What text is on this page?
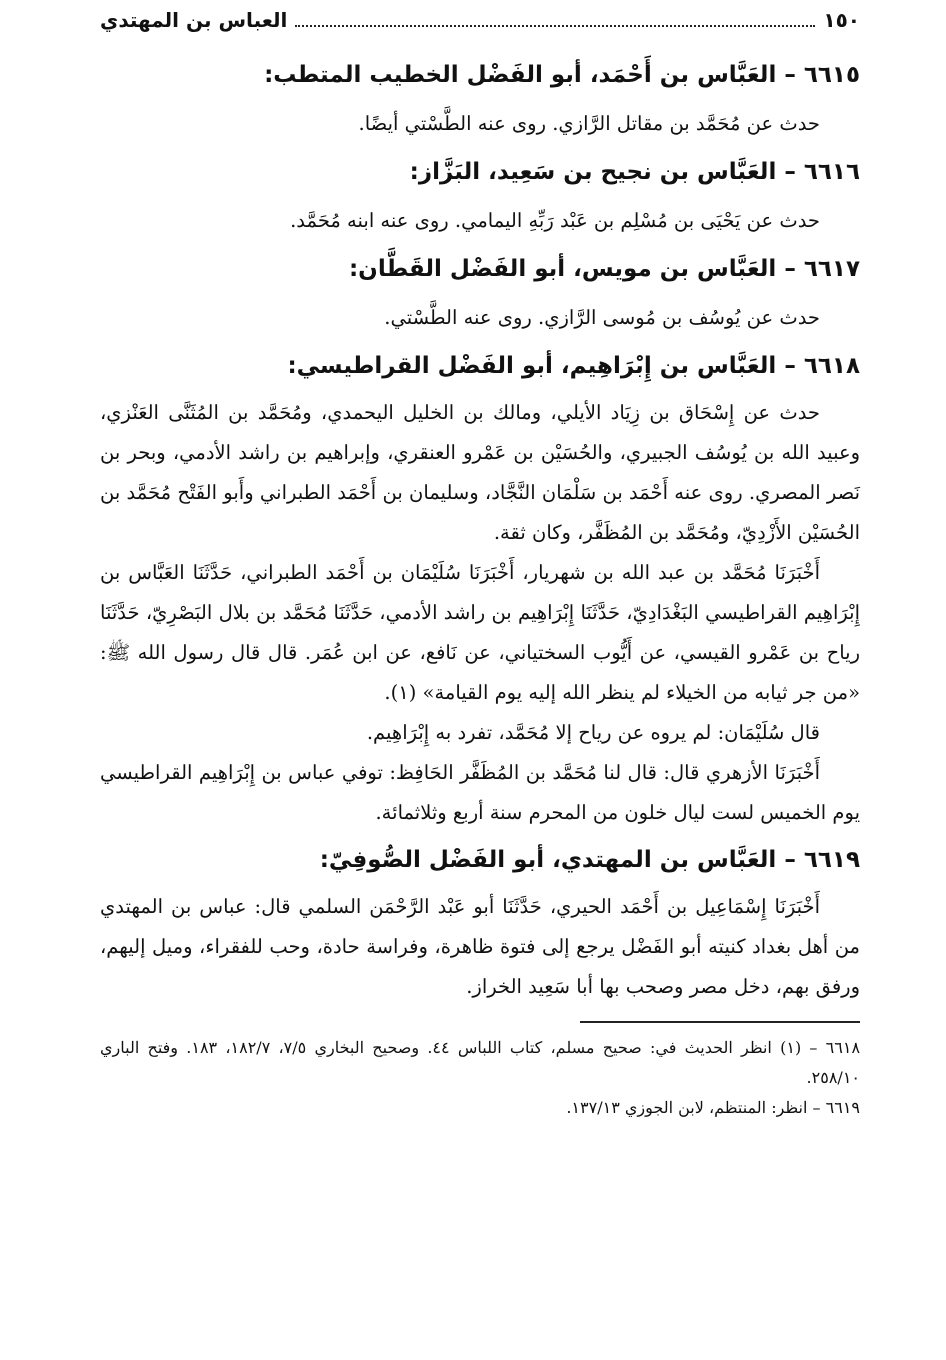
١٥٠
العباس بن المهتدي
٦٦١٥ – العَبَّاس بن أَحْمَد، أبو الفَضْل الخطيب المتطب:

حدث عن مُحَمَّد بن مقاتل الرَّازي. روى عنه الطَّسْتي أيضًا.

٦٦١٦ – العَبَّاس بن نجيح بن سَعِيد، البَزَّاز:

حدث عن يَحْيَى بن مُسْلِم بن عَبْد رَبِّهِ اليمامي. روى عنه ابنه مُحَمَّد.

٦٦١٧ – العَبَّاس بن مويس، أبو الفَضْل القَطَّان:

حدث عن يُوسُف بن مُوسى الرَّازي. روى عنه الطَّسْتي.

٦٦١٨ – العَبَّاس بن إِبْرَاهِيم، أبو الفَضْل القراطيسي:

حدث عن إِسْحَاق بن زِيَاد الأيلي، ومالك بن الخليل اليحمدي، ومُحَمَّد بن المُثَنَّى العَنْزي، وعبيد الله بن يُوسُف الجبيري، والحُسَيْن بن عَمْرو العنقري، وإبراهيم بن راشد الأدمي، وبحر بن نَصر المصري. روى عنه أَحْمَد بن سَلْمَان النَّجَّاد، وسليمان بن أَحْمَد الطبراني وأَبو الفَتْح مُحَمَّد بن الحُسَيْن الأَزْدِيّ، ومُحَمَّد بن المُظَفَّر، وكان ثقة.

أَخْبَرَنَا مُحَمَّد بن عبد الله بن شهريار، أَخْبَرَنَا سُلَيْمَان بن أَحْمَد الطبراني، حَدَّثَنَا العَبَّاس بن إِبْرَاهِيم القراطيسي البَغْدَادِيّ، حَدَّثَنَا إِبْرَاهِيم بن راشد الأدمي، حَدَّثَنَا مُحَمَّد بن بلال البَصْرِيّ، حَدَّثَنَا رياح بن عَمْرو القيسي، عن أَيُّوب السختياني، عن نَافع، عن ابن عُمَر. قال قال رسول الله ﷺ: «من جر ثيابه من الخيلاء لم ينظر الله إليه يوم القيامة» (١).

قال سُلَيْمَان: لم يروه عن رياح إلا مُحَمَّد، تفرد به إِبْرَاهِيم.

أَخْبَرَنَا الأزهري قال: قال لنا مُحَمَّد بن المُظَفَّر الحَافِظ: توفي عباس بن إِبْرَاهِيم القراطيسي يوم الخميس لست ليال خلون من المحرم سنة أربع وثلاثمائة.

٦٦١٩ – العَبَّاس بن المهتدي، أبو الفَضْل الصُّوفِيّ:

أَخْبَرَنَا إِسْمَاعِيل بن أَحْمَد الحيري، حَدَّثَنَا أبو عَبْد الرَّحْمَن السلمي قال: عباس بن المهتدي من أهل بغداد كنيته أبو الفَضْل يرجع إلى فتوة ظاهرة، وفراسة حادة، وحب للفقراء، وميل إليهم، ورفق بهم، دخل مصر وصحب بها أبا سَعِيد الخراز.

٦٦١٨ – (١) انظر الحديث في: صحيح مسلم، كتاب اللباس ٤٤. وصحيح البخاري ٧/٥، ١٨٢/٧، ١٨٣. وفتح الباري ٢٥٨/١٠.

٦٦١٩ – انظر: المنتظم، لابن الجوزي ١٣٧/١٣.
